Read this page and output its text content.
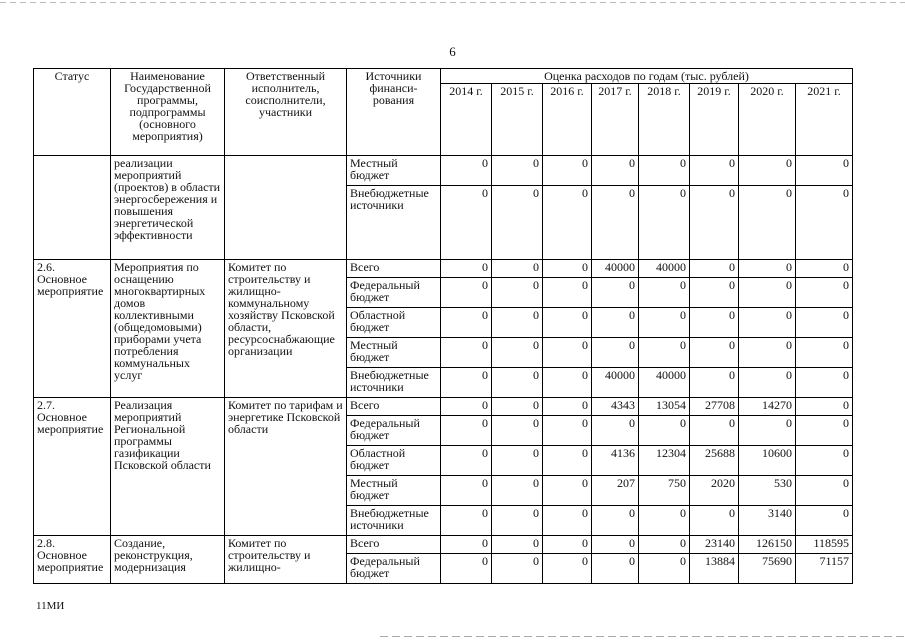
6
Статус	Наименование Государственной программы, подпрограммы (основного мероприятия)	Ответственный исполнитель, соисполнители, участники	Источники финанси-рования	Оценка расходов по годам (тыс. рублей)							
				2014 г.	2015 г.	2016 г.	2017 г.	2018 г.	2019 г.	2020 г.	2021 г.
	реализации мероприятий (проектов) в области энергосбережения и повышения энергетической эффективности		Местный бюджет	0	0	0	0	0	0	0	0
			Внебюджетные источники	0	0	0	0	0	0	0	0
2.6. Основное мероприятие	Мероприятия по оснащению многоквартирных домов коллективными (общедомовыми) приборами учета потребления коммунальных услуг	Комитет по строительству и жилищно-коммунальному хозяйству Псковской области, ресурсоснабжающие организации	Всего	0	0	0	40000	40000	0	0	0
			Федеральный бюджет	0	0	0	0	0	0	0	0
			Областной бюджет	0	0	0	0	0	0	0	0
			Местный бюджет	0	0	0	0	0	0	0	0
			Внебюджетные источники	0	0	0	40000	40000	0	0	0
2.7. Основное мероприятие	Реализация мероприятий Региональной программы газификации Псковской области	Комитет по тарифам и энергетике Псковской области	Всего	0	0	0	4343	13054	27708	14270	0
			Федеральный бюджет	0	0	0	0	0	0	0	0
			Областной бюджет	0	0	0	4136	12304	25688	10600	0
			Местный бюджет	0	0	0	207	750	2020	530	0
			Внебюджетные источники	0	0	0	0	0	0	3140	0
2.8. Основное мероприятие	Создание, реконструкция, модернизация	Комитет по строительству и жилищно-	Всего	0	0	0	0	0	23140	126150	118595
			Федеральный бюджет	0	0	0	0	0	13884	75690	71157
11МИ
